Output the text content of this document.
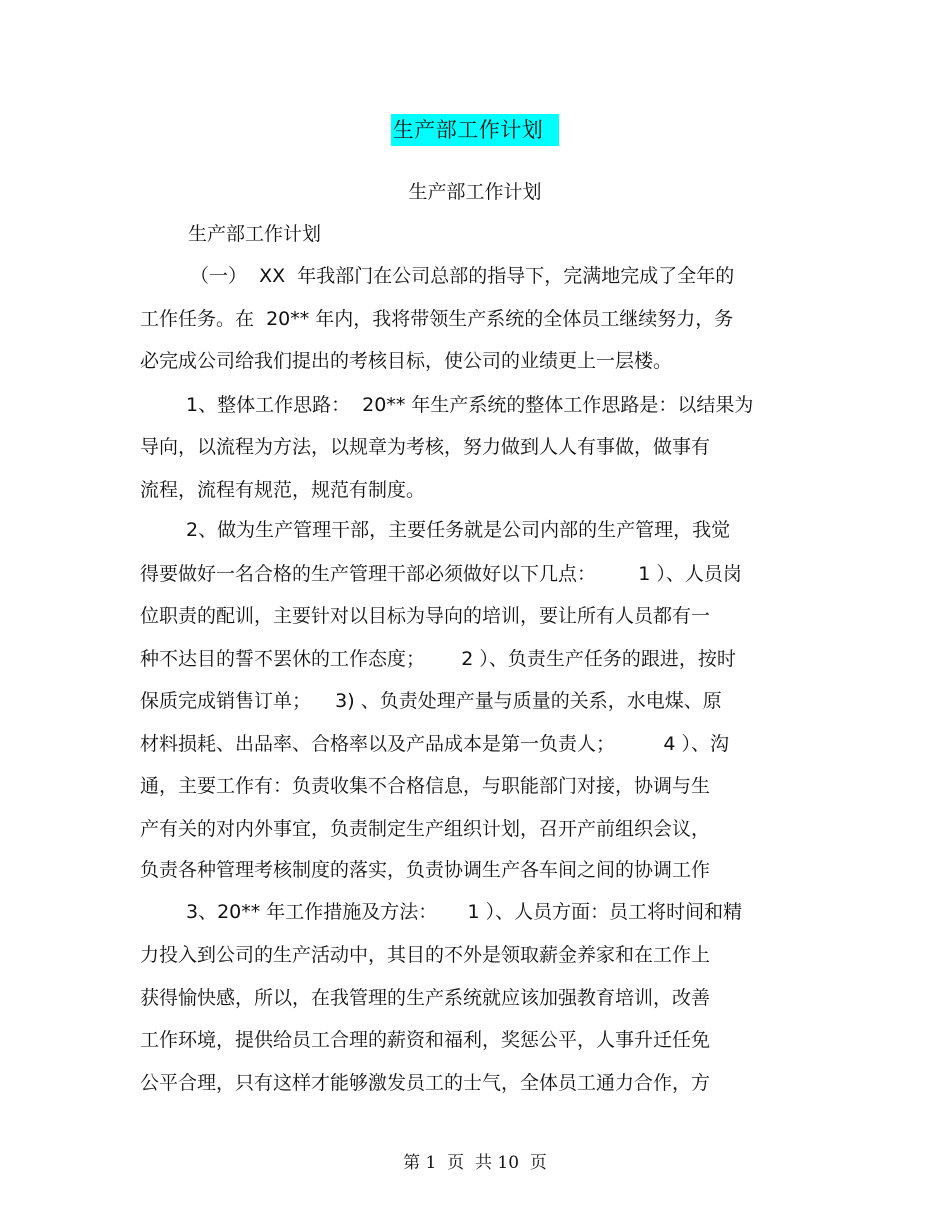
生产部工作计划
生产部工作计划
生产部工作计划
（一）  XX  年我部门在公司总部的指导下，完满地完成了全年的
工作任务。在  20** 年内，我将带领生产系统的全体员工继续努力，务
必完成公司给我们提出的考核目标，使公司的业绩更上一层楼。
1、整体工作思路：  20** 年生产系统的整体工作思路是：以结果为
导向，以流程为方法，以规章为考核，努力做到人人有事做，做事有
流程，流程有规范，规范有制度。
2、做为生产管理干部，主要任务就是公司内部的生产管理，我觉
得要做好一名合格的生产管理干部必须做好以下几点：       1 ）、人员岗
位职责的配训，主要针对以目标为导向的培训，要让所有人员都有一
种不达目的誓不罢休的工作态度；      2 ）、负责生产任务的跟进，按时
保质完成销售订单；    3) 、负责处理产量与质量的关系，水电煤、原
材料损耗、出品率、合格率以及产品成本是第一负责人；        4 ）、沟
通，主要工作有：负责收集不合格信息，与职能部门对接，协调与生
产有关的对内外事宜，负责制定生产组织计划，召开产前组织会议，
负责各种管理考核制度的落实，负责协调生产各车间之间的协调工作
3、20** 年工作措施及方法：     1 ）、人员方面：员工将时间和精
力投入到公司的生产活动中，其目的不外是领取薪金养家和在工作上
获得愉快感，所以，在我管理的生产系统就应该加强教育培训，改善
工作环境，提供给员工合理的薪资和福利，奖惩公平，人事升迁任免
公平合理，只有这样才能够激发员工的士气，全体员工通力合作，方
第 1  页  共 10  页
